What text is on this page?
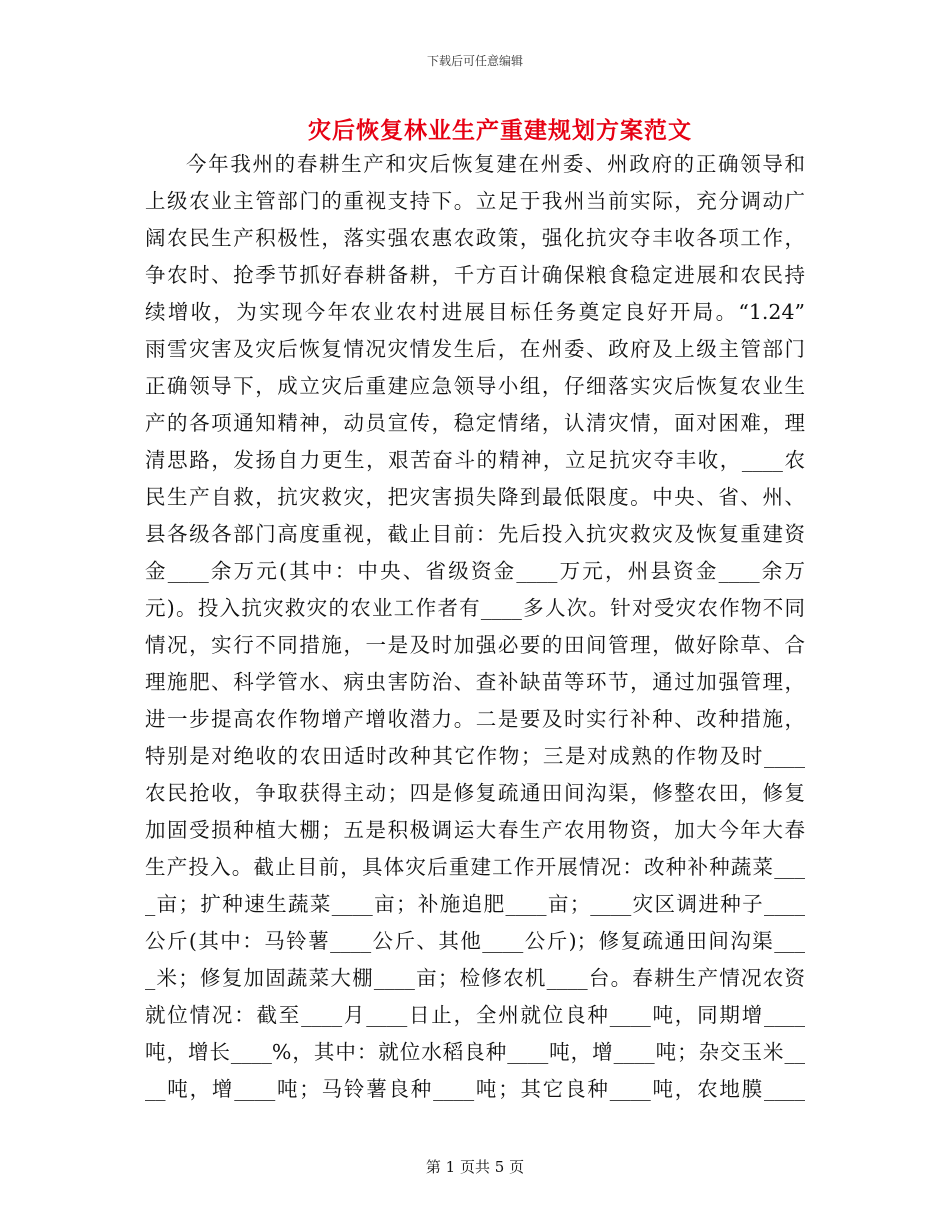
下载后可任意编辑
灾后恢复林业生产重建规划方案范文
今年我州的春耕生产和灾后恢复建在州委、州政府的正确领导和
上级农业主管部门的重视支持下。立足于我州当前实际，充分调动广
阔农民生产积极性，落实强农惠农政策，强化抗灾夺丰收各项工作，
争农时、抢季节抓好春耕备耕，千方百计确保粮食稳定进展和农民持
续增收，为实现今年农业农村进展目标任务奠定良好开局。“1.24”
雨雪灾害及灾后恢复情况灾情发生后，在州委、政府及上级主管部门
正确领导下，成立灾后重建应急领导小组，仔细落实灾后恢复农业生
产的各项通知精神，动员宣传，稳定情绪，认清灾情，面对困难，理
清思路，发扬自力更生，艰苦奋斗的精神，立足抗灾夺丰收，____农
民生产自救，抗灾救灾，把灾害损失降到最低限度。中央、省、州、
县各级各部门高度重视，截止目前：先后投入抗灾救灾及恢复重建资
金____余万元(其中：中央、省级资金____万元，州县资金____余万
元)。投入抗灾救灾的农业工作者有____多人次。针对受灾农作物不同
情况，实行不同措施，一是及时加强必要的田间管理，做好除草、合
理施肥、科学管水、病虫害防治、查补缺苗等环节，通过加强管理，
进一步提高农作物增产增收潜力。二是要及时实行补种、改种措施，
特别是对绝收的农田适时改种其它作物；三是对成熟的作物及时____
农民抢收，争取获得主动；四是修复疏通田间沟渠，修整农田，修复
加固受损种植大棚；五是积极调运大春生产农用物资，加大今年大春
生产投入。截止目前，具体灾后重建工作开展情况：改种补种蔬菜___
_亩；扩种速生蔬菜____亩；补施追肥____亩；____灾区调进种子____
公斤(其中：马铃薯____公斤、其他____公斤)；修复疏通田间沟渠___
_米；修复加固蔬菜大棚____亩；检修农机____台。春耕生产情况农资
就位情况：截至____月____日止，全州就位良种____吨，同期增____
吨，增长____%，其中：就位水稻良种____吨，增____吨；杂交玉米__
__吨，增____吨；马铃薯良种____吨；其它良种____吨，农地膜____
第 1 页共 5 页
